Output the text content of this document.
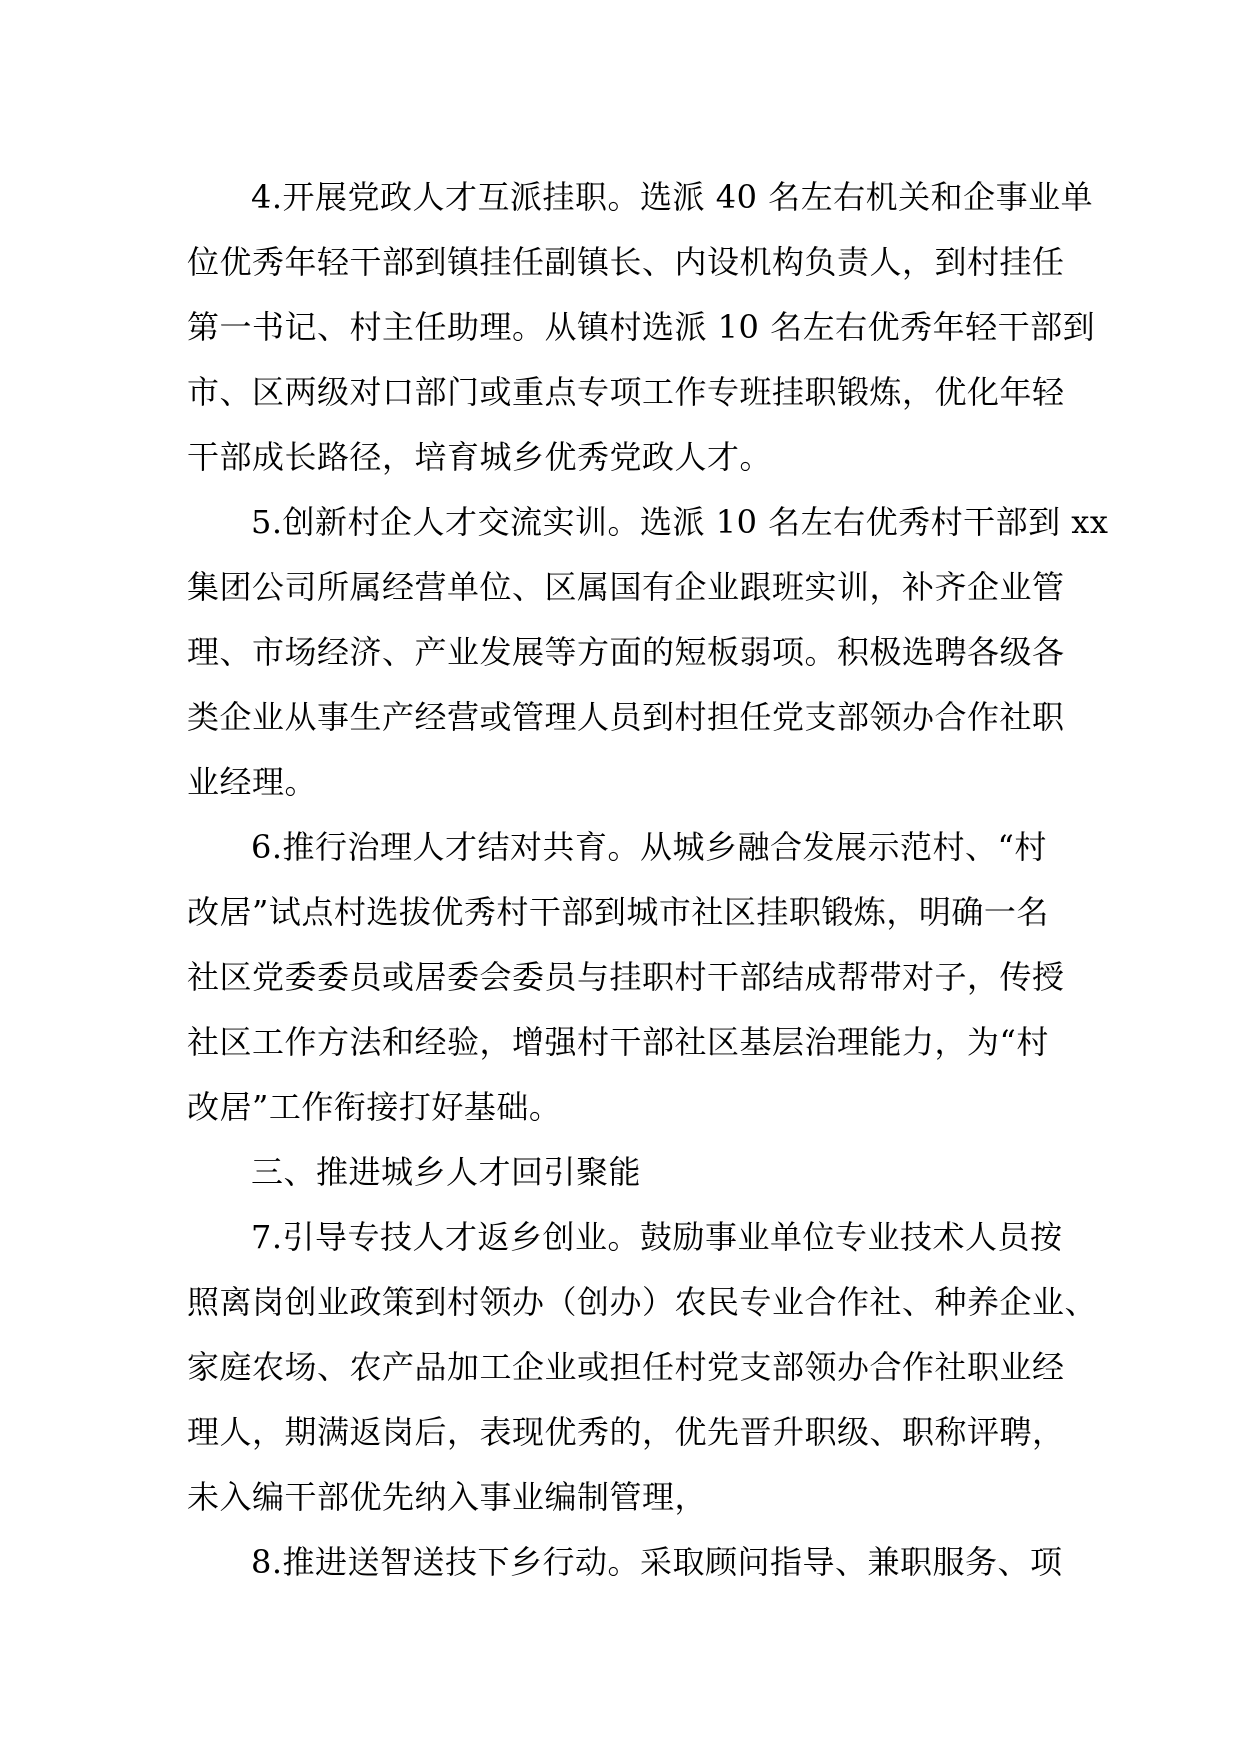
4.开展党政人才互派挂职。选派 40 名左右机关和企事业单
位优秀年轻干部到镇挂任副镇长、内设机构负责人，到村挂任
第一书记、村主任助理。从镇村选派 10 名左右优秀年轻干部到
市、区两级对口部门或重点专项工作专班挂职锻炼，优化年轻
干部成长路径，培育城乡优秀党政人才。
5.创新村企人才交流实训。选派 10 名左右优秀村干部到 xx
集团公司所属经营单位、区属国有企业跟班实训，补齐企业管
理、市场经济、产业发展等方面的短板弱项。积极选聘各级各
类企业从事生产经营或管理人员到村担任党支部领办合作社职
业经理。
6.推行治理人才结对共育。从城乡融合发展示范村、“村
改居”试点村选拔优秀村干部到城市社区挂职锻炼，明确一名
社区党委委员或居委会委员与挂职村干部结成帮带对子，传授
社区工作方法和经验，增强村干部社区基层治理能力，为“村
改居”工作衔接打好基础。
三、推进城乡人才回引聚能
7.引导专技人才返乡创业。鼓励事业单位专业技术人员按
照离岗创业政策到村领办（创办）农民专业合作社、种养企业、
家庭农场、农产品加工企业或担任村党支部领办合作社职业经
理人，期满返岗后，表现优秀的，优先晋升职级、职称评聘，
未入编干部优先纳入事业编制管理，
8.推进送智送技下乡行动。采取顾问指导、兼职服务、项
